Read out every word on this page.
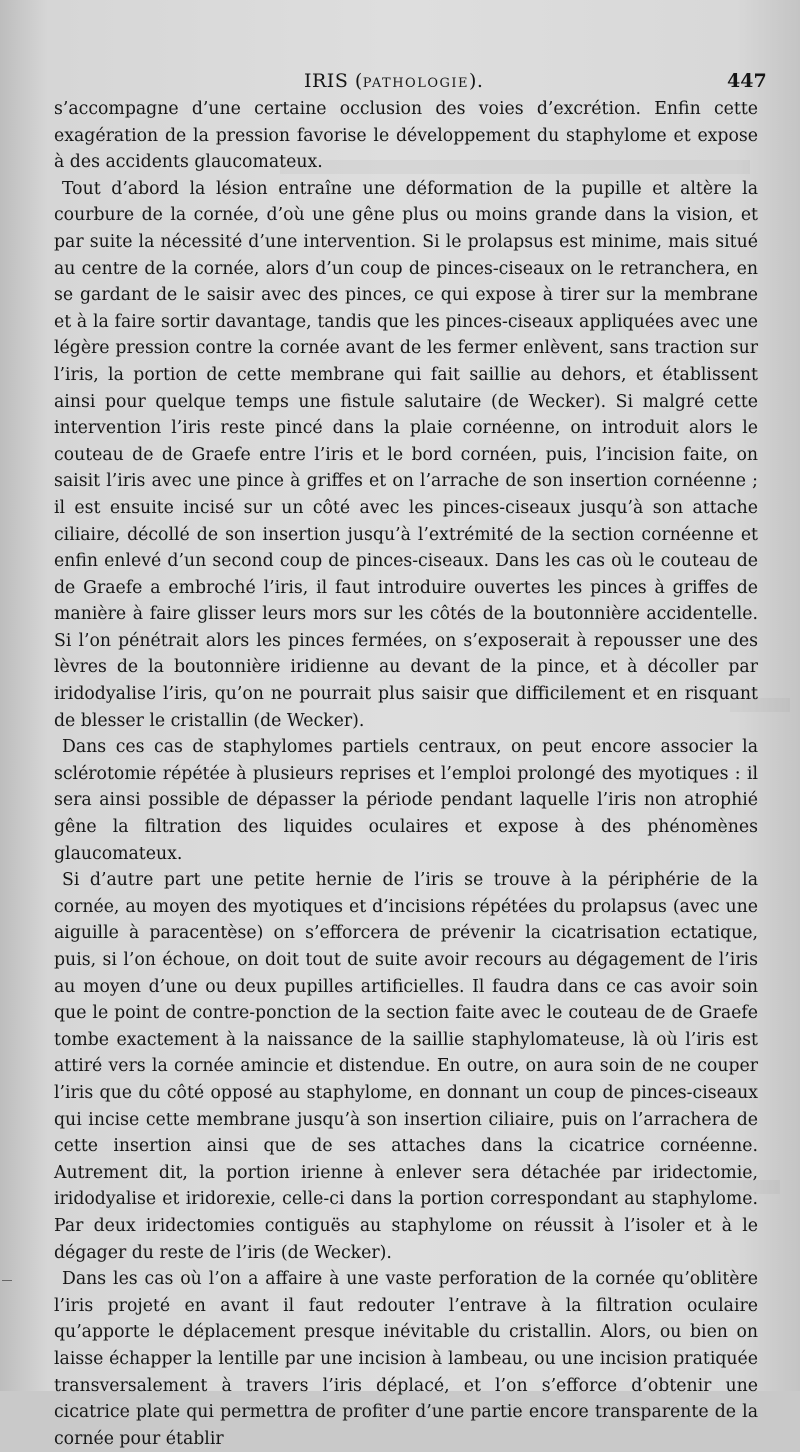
IRIS (PATHOLOGIE).	447

s’accompagne d’une certaine occlusion des voies d’excrétion. Enfin cette exagération de la pression favorise le développement du staphylome et expose à des accidents glaucomateux.

Tout d’abord la lésion entraîne une déformation de la pupille et altère la courbure de la cornée, d’où une gêne plus ou moins grande dans la vision, et par suite la nécessité d’une intervention. Si le prolapsus est minime, mais situé au centre de la cornée, alors d’un coup de pinces-ciseaux on le retranchera, en se gardant de le saisir avec des pinces, ce qui expose à tirer sur la membrane et à la faire sortir davantage, tandis que les pinces-ciseaux appliquées avec une légère pression contre la cornée avant de les fermer enlèvent, sans traction sur l’iris, la portion de cette membrane qui fait saillie au dehors, et établissent ainsi pour quelque temps une fistule salutaire (de Wecker). Si malgré cette intervention l’iris reste pincé dans la plaie cornéenne, on introduit alors le couteau de de Graefe entre l’iris et le bord cornéen, puis, l’incision faite, on saisit l’iris avec une pince à griffes et on l’arrache de son insertion cornéenne ; il est ensuite incisé sur un côté avec les pinces-ciseaux jusqu’à son attache ciliaire, décollé de son insertion jusqu’à l’extrémité de la section cornéenne et enfin enlevé d’un second coup de pinces-ciseaux. Dans les cas où le couteau de de Graefe a embroché l’iris, il faut introduire ouvertes les pinces à griffes de manière à faire glisser leurs mors sur les côtés de la boutonnière accidentelle. Si l’on pénétrait alors les pinces fermées, on s’exposerait à repousser une des lèvres de la boutonnière iridienne au devant de la pince, et à décoller par iridodyalise l’iris, qu’on ne pourrait plus saisir que difficilement et en risquant de blesser le cristallin (de Wecker).

Dans ces cas de staphylomes partiels centraux, on peut encore associer la sclérotomie répétée à plusieurs reprises et l’emploi prolongé des myotiques : il sera ainsi possible de dépasser la période pendant laquelle l’iris non atrophié gêne la filtration des liquides oculaires et expose à des phénomènes glaucomateux.

Si d’autre part une petite hernie de l’iris se trouve à la périphérie de la cornée, au moyen des myotiques et d’incisions répétées du prolapsus (avec une aiguille à paracentèse) on s’efforcera de prévenir la cicatrisation ectatique, puis, si l’on échoue, on doit tout de suite avoir recours au dégagement de l’iris au moyen d’une ou deux pupilles artificielles. Il faudra dans ce cas avoir soin que le point de contre-ponction de la section faite avec le couteau de de Graefe tombe exactement à la naissance de la saillie staphylomateuse, là où l’iris est attiré vers la cornée amincie et distendue. En outre, on aura soin de ne couper l’iris que du côté opposé au staphylome, en donnant un coup de pinces-ciseaux qui incise cette membrane jusqu’à son insertion ciliaire, puis on l’arrachera de cette insertion ainsi que de ses attaches dans la cicatrice cornéenne. Autrement dit, la portion irienne à enlever sera détachée par iridectomie, iridodyalise et iridorexie, celle-ci dans la portion correspondant au staphylome. Par deux iridectomies contiguës au staphylome on réussit à l’isoler et à le dégager du reste de l’iris (de Wecker).

Dans les cas où l’on a affaire à une vaste perforation de la cornée qu’oblitère l’iris projeté en avant il faut redouter l’entrave à la filtration oculaire qu’apporte le déplacement presque inévitable du cristallin. Alors, ou bien on laisse échapper la lentille par une incision à lambeau, ou une incision pratiquée transversalement à travers l’iris déplacé, et l’on s’efforce d’obtenir une cicatrice plate qui permettra de profiter d’une partie encore transparente de la cornée pour établir
